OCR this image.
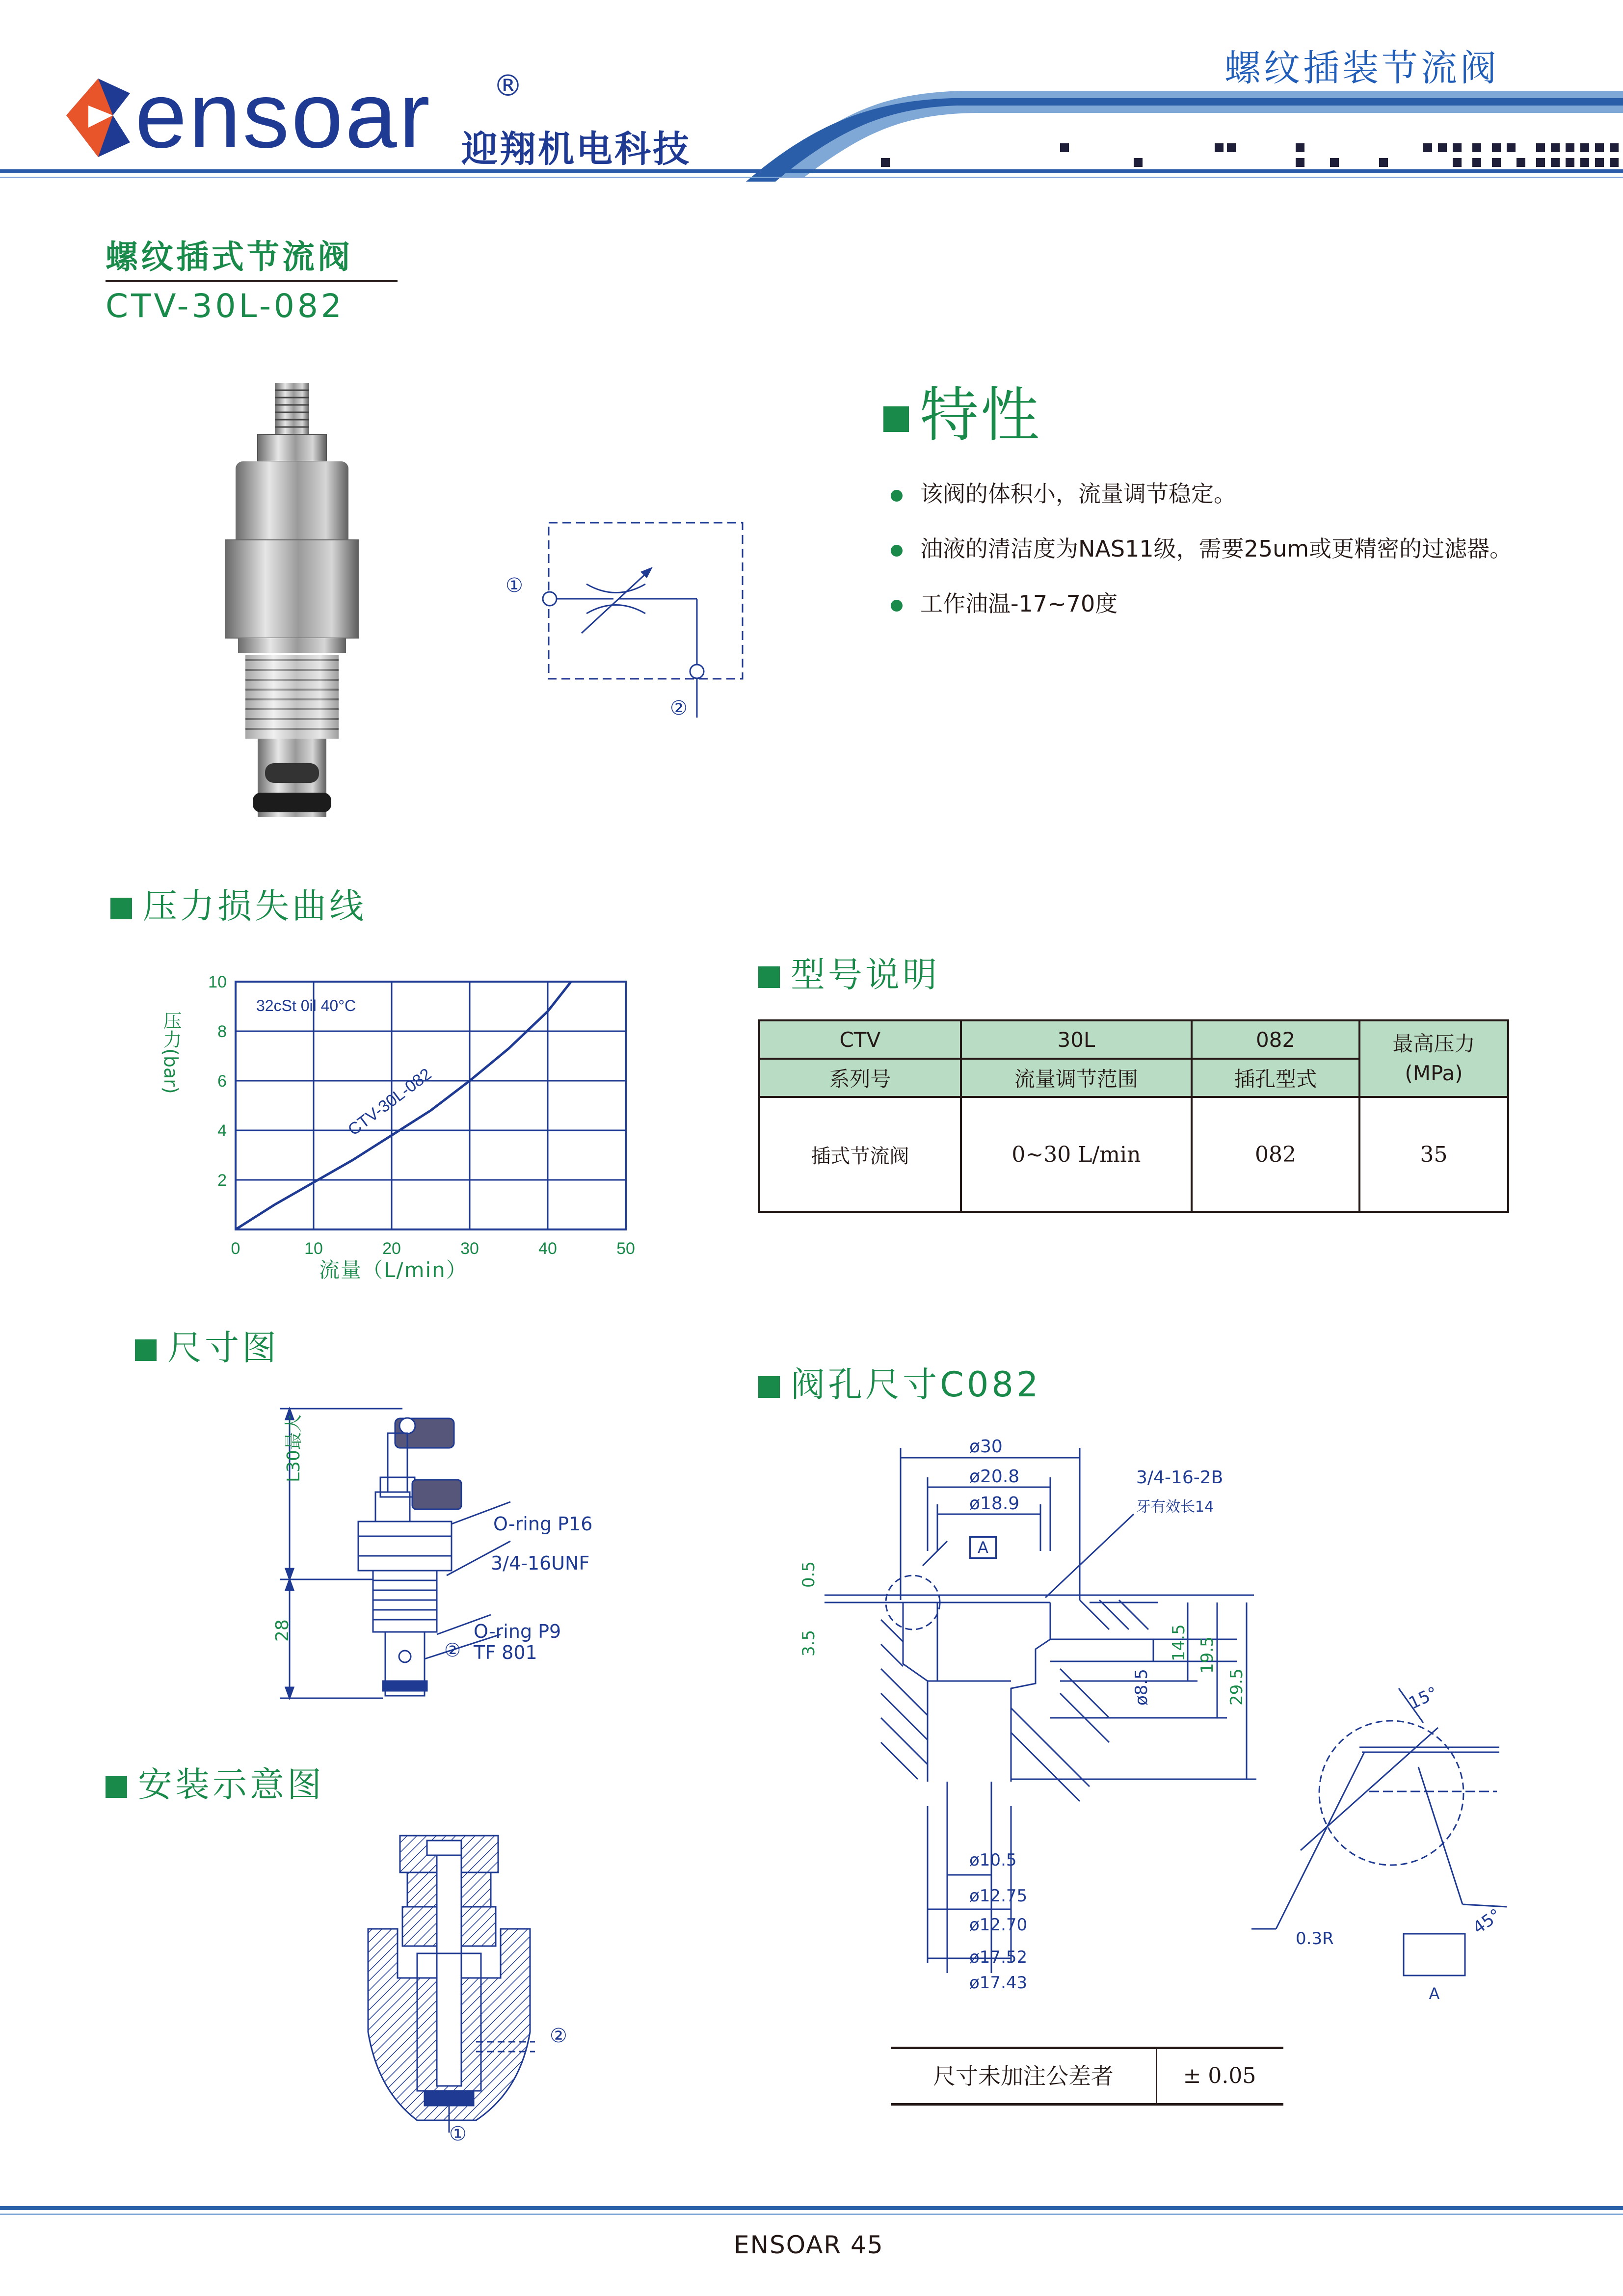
ensoar ®
迎翔机电科技
螺纹插装节流阀
螺纹插式节流阀
CTV-30L-082
①
②
特性
该阀的体积小，流量调节稳定。
油液的清洁度为NAS11级，需要25um或更精密的过滤器。
工作油温-17~70度
压力损失曲线
0	10	20	30	40	50
2
4
6
8
10
32cSt 0il 40°C
CTV-30L-082
压力(bar)
流量（L/min）
型号说明
CTV	30L	082	最高压力
(MPa)

系列号	流量调节范围	插孔型式	
插式节流阀	0~30 L/min	082	35
尺寸图
L30最大
28
O-ring P16
3/4-16UNF
O-ring P9
TF 801
②
阀孔尺寸C082
ø30
ø20.8
ø18.9
3/4-16-2B
牙有效长14
A
0.5
3.5	14.5 19.5
29.5
ø8.5
ø10.5
ø12.75
ø12.70
ø17.52
ø17.43
15°
45°
0.3R
A
尺寸未加注公差者	± 0.05
安装示意图
②
①
ENSOAR 45
